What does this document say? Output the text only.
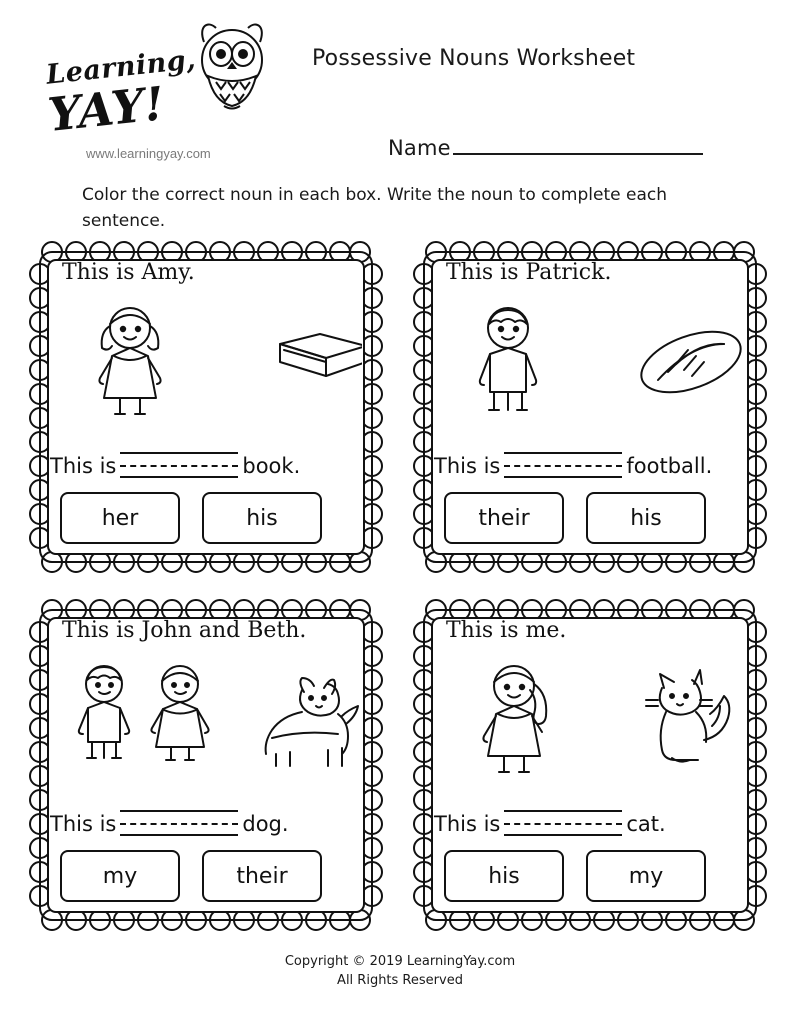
Learning,
YAY!
www.learningyay.com
Possessive Nouns Worksheet
Name
Color the correct noun in each box. Write the noun to complete each sentence.
This is Amy.
This is	book.
her	his
This is Patrick.
This is	football.
their	his
This is John and Beth.
This is	dog.
my	their
This is me.
This is	cat.
his	my
Copyright © 2019 LearningYay.com
All Rights Reserved
